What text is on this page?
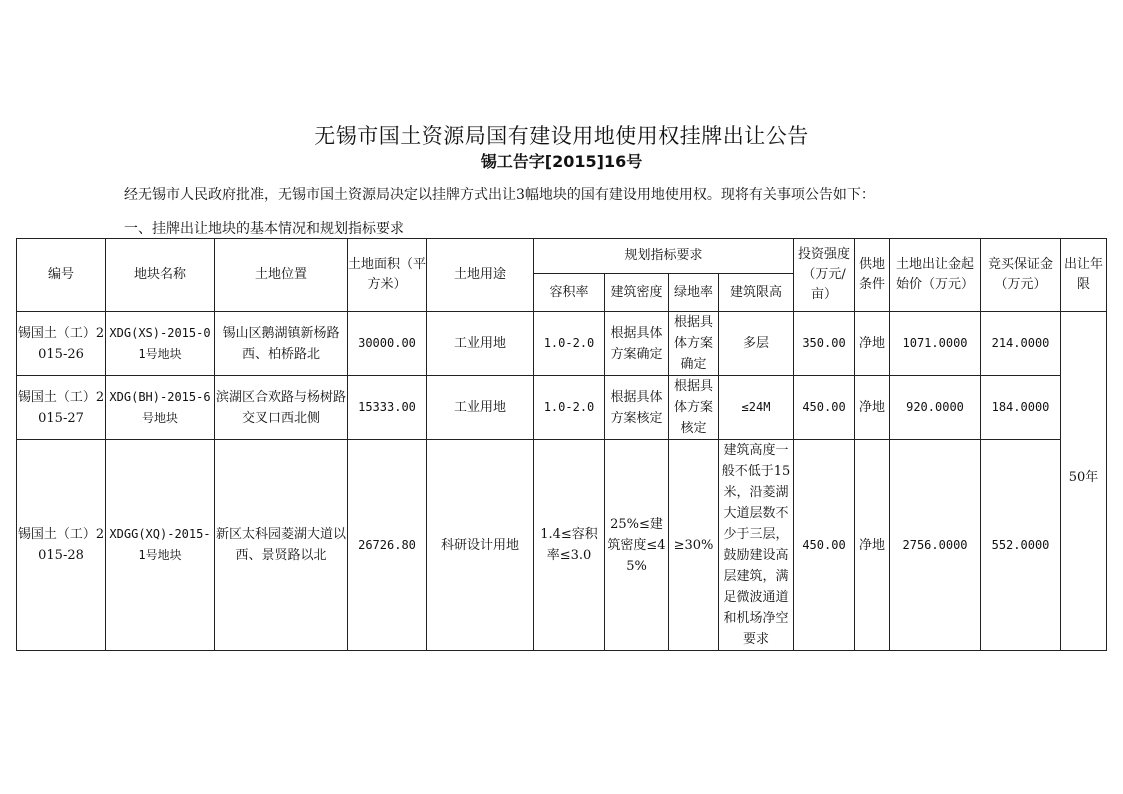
无锡市国土资源局国有建设用地使用权挂牌出让公告
锡工告字[2015]16号
经无锡市人民政府批准，无锡市国土资源局决定以挂牌方式出让3幅地块的国有建设用地使用权。现将有关事项公告如下：
一、挂牌出让地块的基本情况和规划指标要求
编号	地块名称	土地位置	土地面积（平方米）	土地用途	规划指标要求				投资强度（万元/亩）	供地条件	土地出让金起始价（万元）	竞买保证金（万元）	出让年限
					容积率	建筑密度	绿地率	建筑限高					
锡国土（工）2015-26	XDG(XS)-2015-01号地块	锡山区鹅湖镇新杨路西、柏桥路北	30000.00	工业用地	1.0-2.0	根据具体方案确定	根据具体方案确定	多层	350.00	净地	1071.0000	214.0000	50年
锡国土（工）2015-27	XDG(BH)-2015-6号地块	滨湖区合欢路与杨树路交叉口西北侧	15333.00	工业用地	1.0-2.0	根据具体方案核定	根据具体方案核定	≤24M	450.00	净地	920.0000	184.0000	
锡国土（工）2015-28	XDGG(XQ)-2015-1号地块	新区太科园菱湖大道以西、景贤路以北	26726.80	科研设计用地	1.4≤容积率≤3.0	25%≤建筑密度≤45%	≥30%	建筑高度一般不低于15米，沿菱湖大道层数不少于三层，鼓励建设高层建筑，满足微波通道和机场净空要求	450.00	净地	2756.0000	552.0000	
